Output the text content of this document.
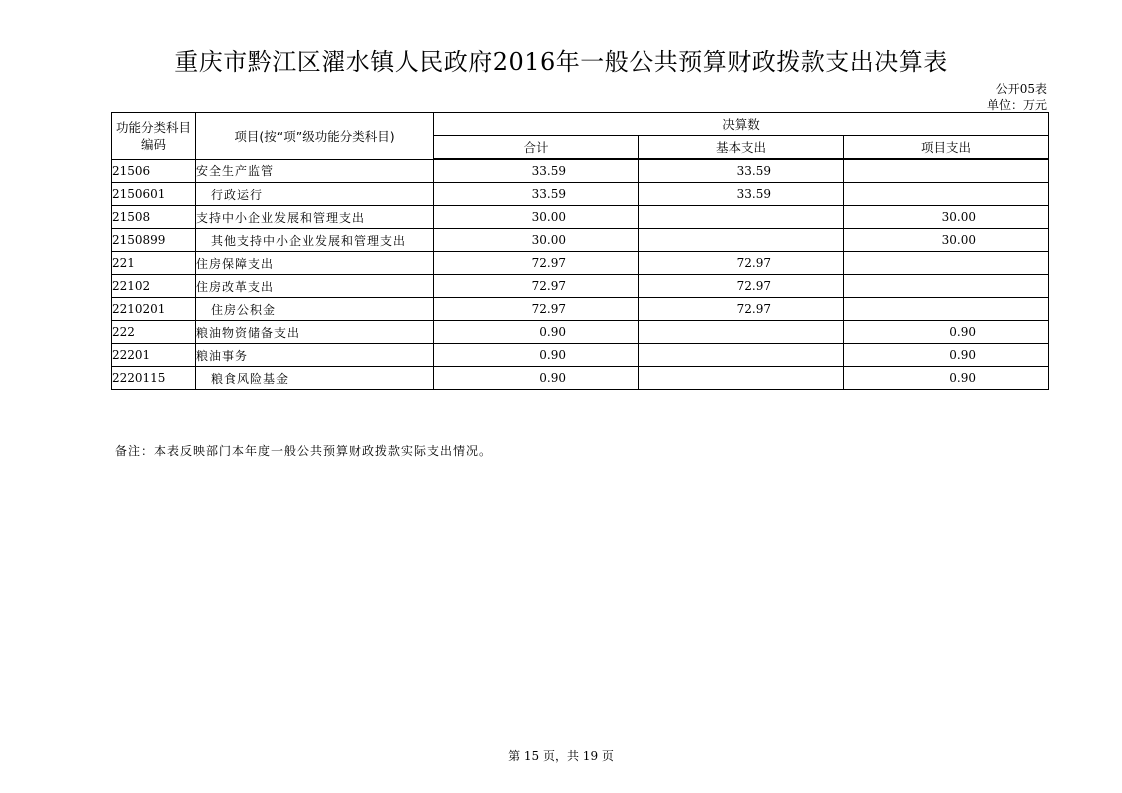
重庆市黔江区濯水镇人民政府2016年一般公共预算财政拨款支出决算表
公开05表
单位：万元
功能分类科目编码	项目(按“项”级功能分类科目)	决算数		
		合计	基本支出	项目支出
21506	安全生产监管	33.59	33.59	
2150601	行政运行	33.59	33.59	
21508	支持中小企业发展和管理支出	30.00		30.00
2150899	其他支持中小企业发展和管理支出	30.00		30.00
221	住房保障支出	72.97	72.97	
22102	住房改革支出	72.97	72.97	
2210201	住房公积金	72.97	72.97	
222	粮油物资储备支出	0.90		0.90
22201	粮油事务	0.90		0.90
2220115	粮食风险基金	0.90		0.90
备注：本表反映部门本年度一般公共预算财政拨款实际支出情况。
第 15 页，共 19 页
